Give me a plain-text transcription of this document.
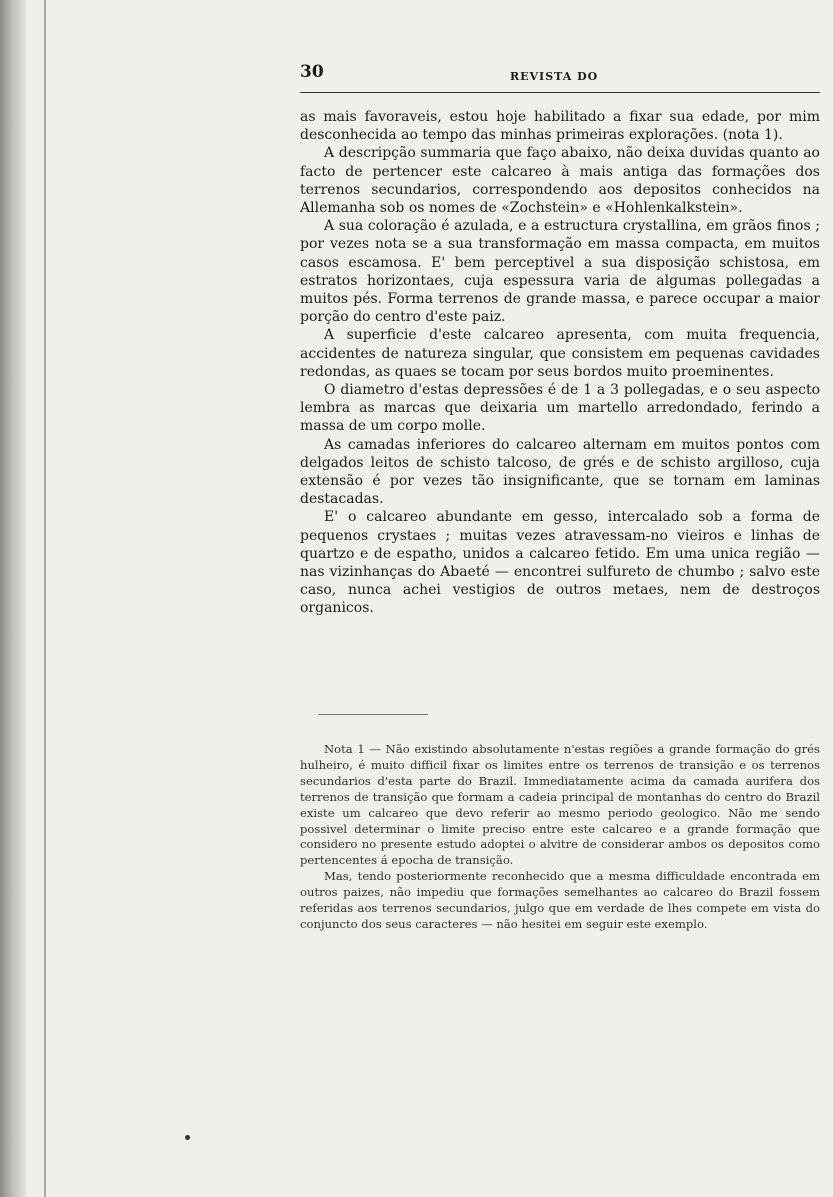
30	REVISTA DO

as mais favoraveis, estou hoje habilitado a fixar sua edade, por mim desconhecida ao tempo das minhas primeiras explorações. (nota 1).

A descripção summaria que faço abaixo, não deixa duvidas quanto ao facto de pertencer este calcareo à mais antiga das formações dos terrenos secundarios, correspondendo aos depositos conhecidos na Allemanha sob os nomes de «Zochstein» e «Hohlenkalkstein».

A sua coloração é azulada, e a estructura crystallina, em grãos finos ; por vezes nota se a sua transformação em massa compacta, em muitos casos escamosa. E' bem perceptivel a sua disposição schistosa, em estratos horizontaes, cuja espessura varia de algumas pollegadas a muitos pés. Forma terrenos de grande massa, e parece occupar a maior porção do centro d'este paiz.

A superficie d'este calcareo apresenta, com muita frequencia, accidentes de natureza singular, que consistem em pequenas cavidades redondas, as quaes se tocam por seus bordos muito proeminentes.

O diametro d'estas depressões é de 1 a 3 pollegadas, e o seu aspecto lembra as marcas que deixaria um martello arredondado, ferindo a massa de um corpo molle.

As camadas inferiores do calcareo alternam em muitos pontos com delgados leitos de schisto talcoso, de grés e de schisto argilloso, cuja extensão é por vezes tão insignificante, que se tornam em laminas destacadas.

E' o calcareo abundante em gesso, intercalado sob a forma de pequenos crystaes ; muitas vezes atravessam-no vieiros e linhas de quartzo e de espatho, unidos a calcareo fetido. Em uma unica região — nas vizinhanças do Abaeté — encontrei sulfureto de chumbo ; salvo este caso, nunca achei vestigios de outros metaes, nem de destroços organicos.

Nota 1 — Não existindo absolutamente n'estas regiões a grande formação do grés hulheiro, é muito difficil fixar os limites entre os terrenos de transição e os terrenos secundarios d'esta parte do Brazil. Immediatamente acima da camada aurifera dos terrenos de transição que formam a cadeia principal de montanhas do centro do Brazil existe um calcareo que devo referir ao mesmo periodo geologico. Não me sendo possivel determinar o limite preciso entre este calcareo e a grande formação que considero no presente estudo adoptei o alvitre de considerar ambos os depositos como pertencentes á epocha de transição.

Mas, tendo posteriormente reconhecido que a mesma difficuldade encontrada em outros paizes, não impediu que formações semelhantes ao calcareo do Brazil fossem referidas aos terrenos secundarios, julgo que em verdade de lhes compete em vista do conjuncto dos seus caracteres — não hesitei em seguir este exemplo.
